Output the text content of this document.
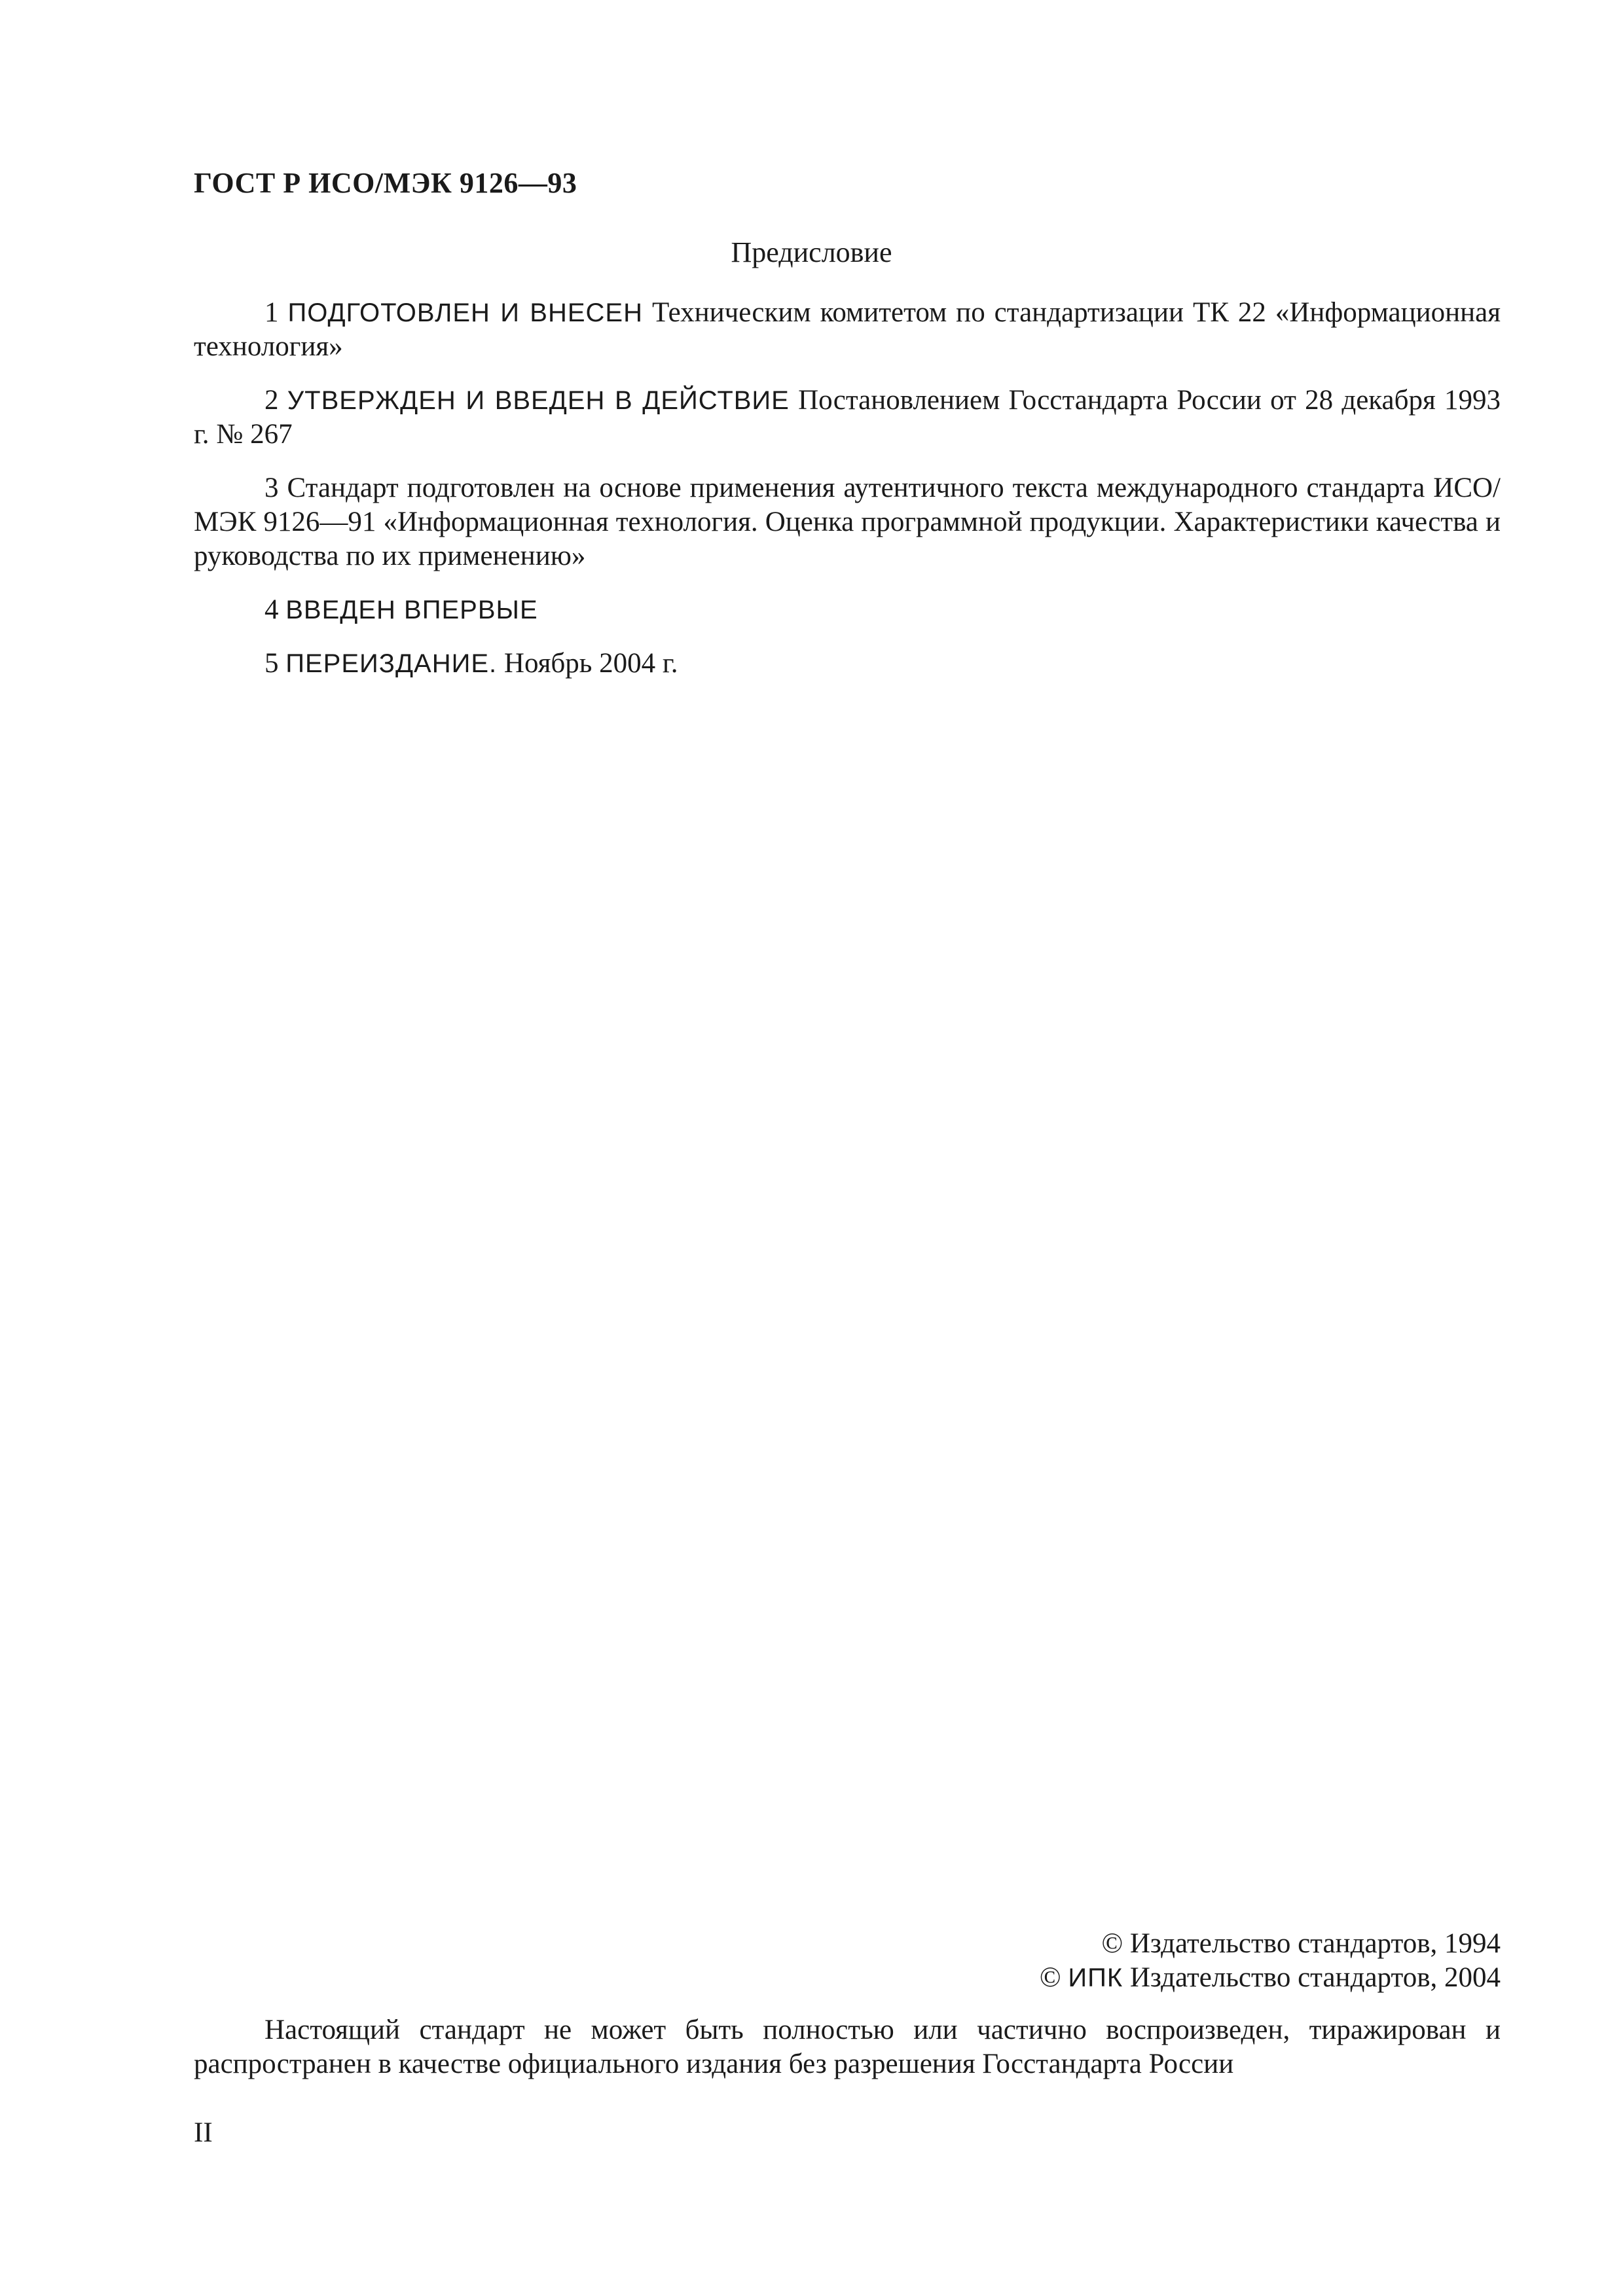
ГОСТ Р ИСО/МЭК 9126—93
Предисловие

1 ПОДГОТОВЛЕН И ВНЕСЕН Техническим комитетом по стандартизации ТК 22 «Информационная технология»

2 УТВЕРЖДЕН И ВВЕДЕН В ДЕЙСТВИЕ Постановлением Госстандарта России от 28 декабря 1993 г. № 267

3 Стандарт подготовлен на основе применения аутентичного текста международного стандарта ИСО/МЭК 9126—91 «Информационная технология. Оценка программной продукции. Характеристики качества и руководства по их применению»

4 ВВЕДЕН ВПЕРВЫЕ

5 ПЕРЕИЗДАНИЕ. Ноябрь 2004 г.

© Издательство стандартов, 1994
© ИПК Издательство стандартов, 2004
Настоящий стандарт не может быть полностью или частично воспроизведен, тиражирован и распространен в качестве официального издания без разрешения Госстандарта России
II
